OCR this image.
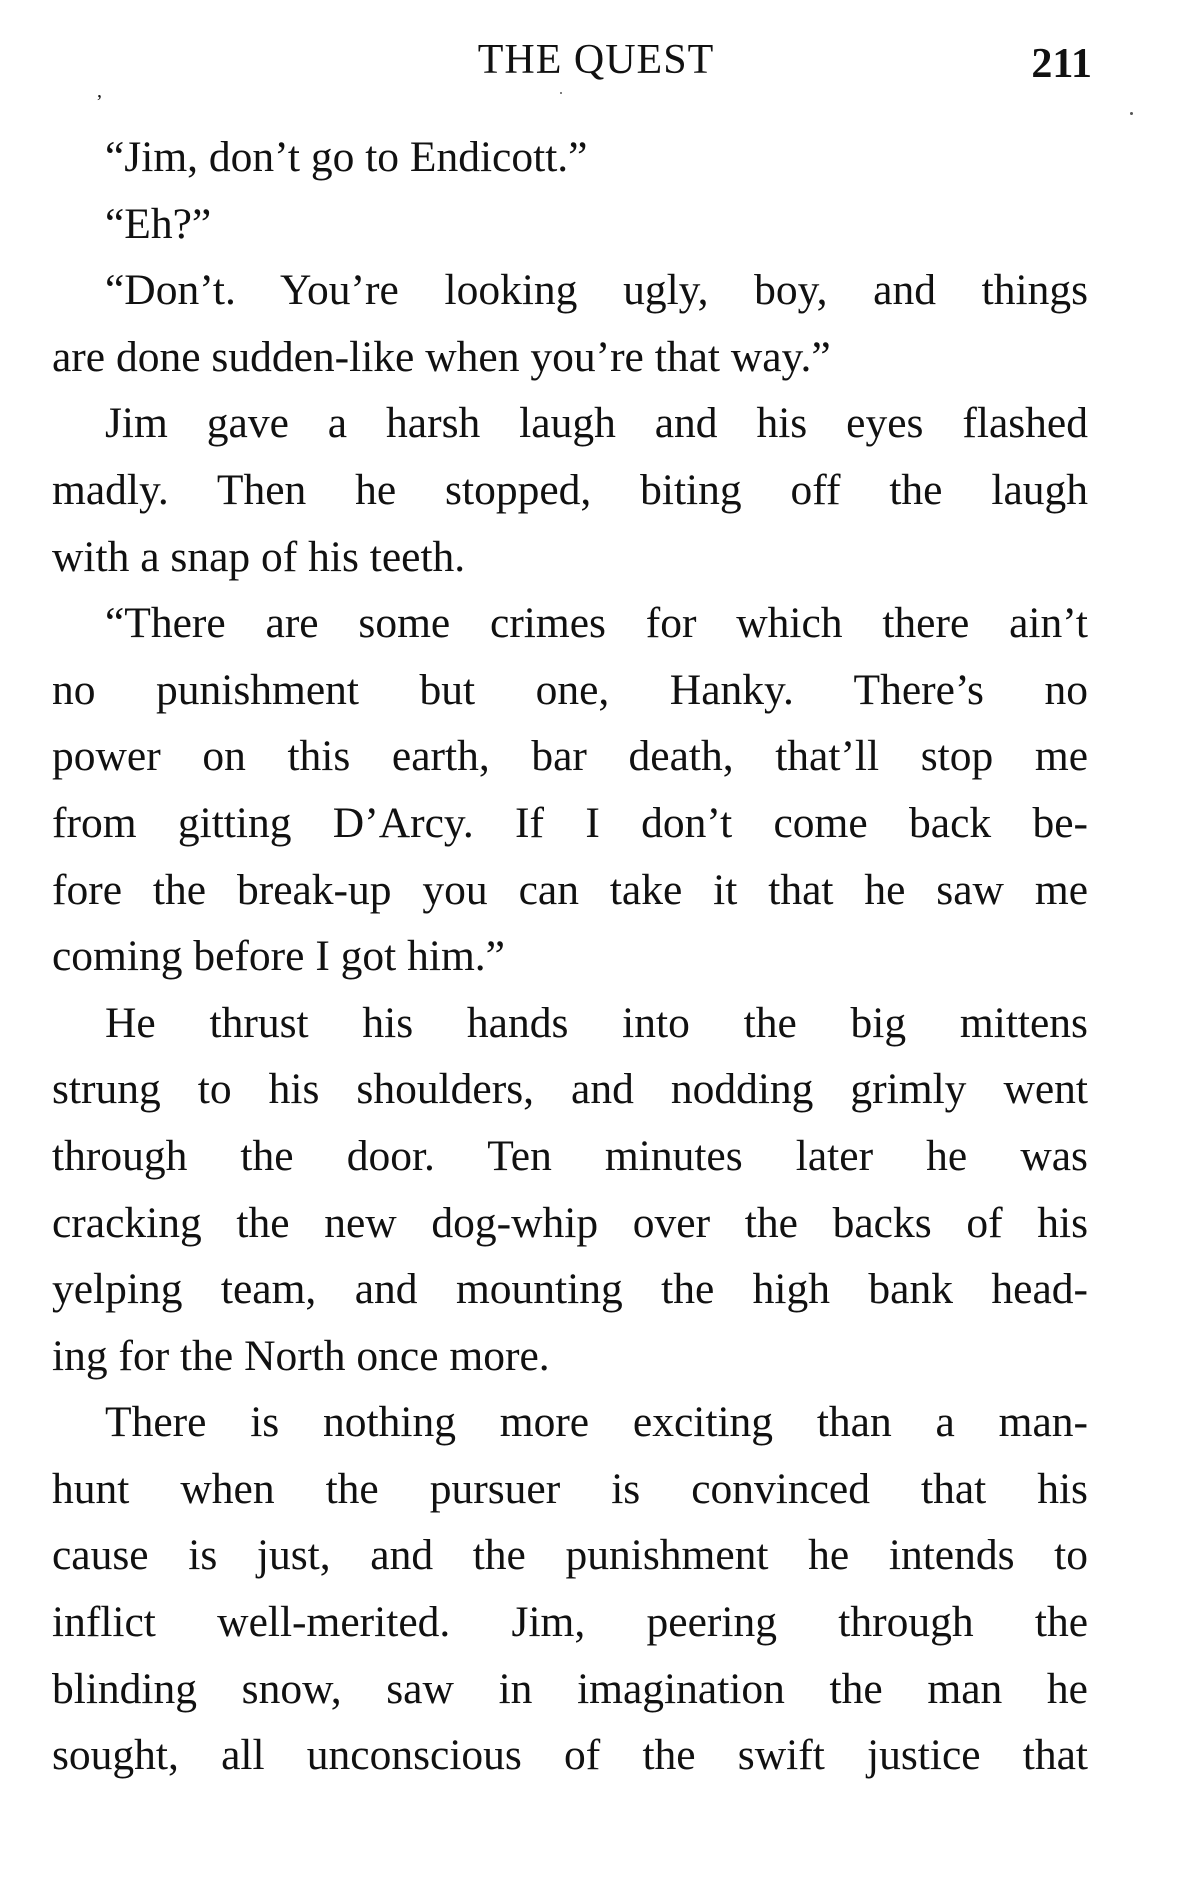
‚
THE QUEST	211
“Jim, don’t go to Endicott.”
“Eh?”
“Don’t. You’re looking ugly, boy, and things
are done sudden-like when you’re that way.”
Jim gave a harsh laugh and his eyes flashed
madly. Then he stopped, biting off the laugh
with a snap of his teeth.
“There are some crimes for which there ain’t
no punishment but one, Hanky. There’s no
power on this earth, bar death, that’ll stop me
from gitting D’Arcy. If I don’t come back be-
fore the break-up you can take it that he saw me
coming before I got him.”
He thrust his hands into the big mittens
strung to his shoulders, and nodding grimly went
through the door. Ten minutes later he was
cracking the new dog-whip over the backs of his
yelping team, and mounting the high bank head-
ing for the North once more.
There is nothing more exciting than a man-
hunt when the pursuer is convinced that his
cause is just, and the punishment he intends to
inflict well-merited. Jim, peering through the
blinding snow, saw in imagination the man he
sought, all unconscious of the swift justice that
